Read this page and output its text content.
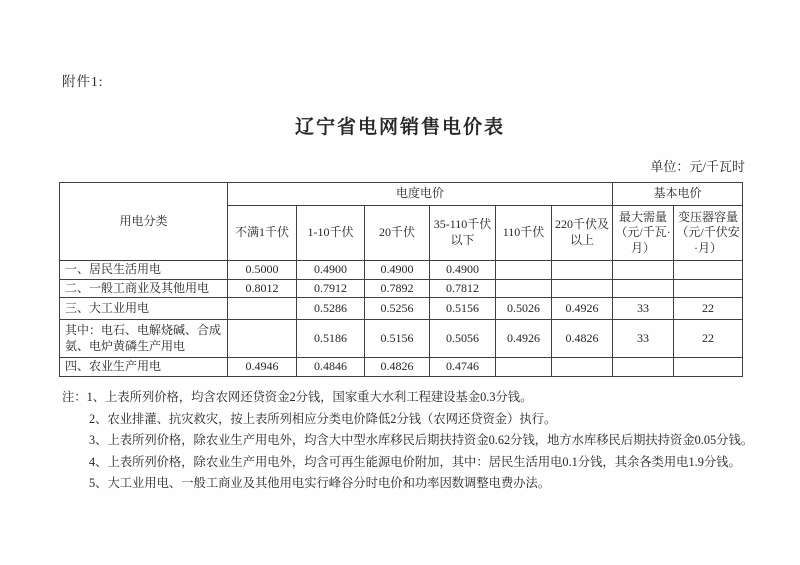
附件1:
辽宁省电网销售电价表
单位：元/千瓦时
用电分类	电度电价						基本电价	
	不满1千伏	1-10千伏	20千伏	35-110千伏以下	110千伏	220千伏及以上	最大需量（元/千瓦·月）	变压器容量（元/千伏安·月）
一、居民生活用电	0.5000	0.4900	0.4900	0.4900				
二、一般工商业及其他用电	0.8012	0.7912	0.7892	0.7812				
三、大工业用电		0.5286	0.5256	0.5156	0.5026	0.4926	33	22
其中：电石、电解烧碱、合成氨、电炉黄磷生产用电		0.5186	0.5156	0.5056	0.4926	0.4826	33	22
四、农业生产用电	0.4946	0.4846	0.4826	0.4746				
注：1、上表所列价格，均含农网还贷资金2分钱，国家重大水利工程建设基金0.3分钱。
2、农业排灌、抗灾救灾，按上表所列相应分类电价降低2分钱（农网还贷资金）执行。
3、上表所列价格，除农业生产用电外，均含大中型水库移民后期扶持资金0.62分钱，地方水库移民后期扶持资金0.05分钱。
4、上表所列价格，除农业生产用电外，均含可再生能源电价附加，其中：居民生活用电0.1分钱，其余各类用电1.9分钱。
5、大工业用电、一般工商业及其他用电实行峰谷分时电价和功率因数调整电费办法。
